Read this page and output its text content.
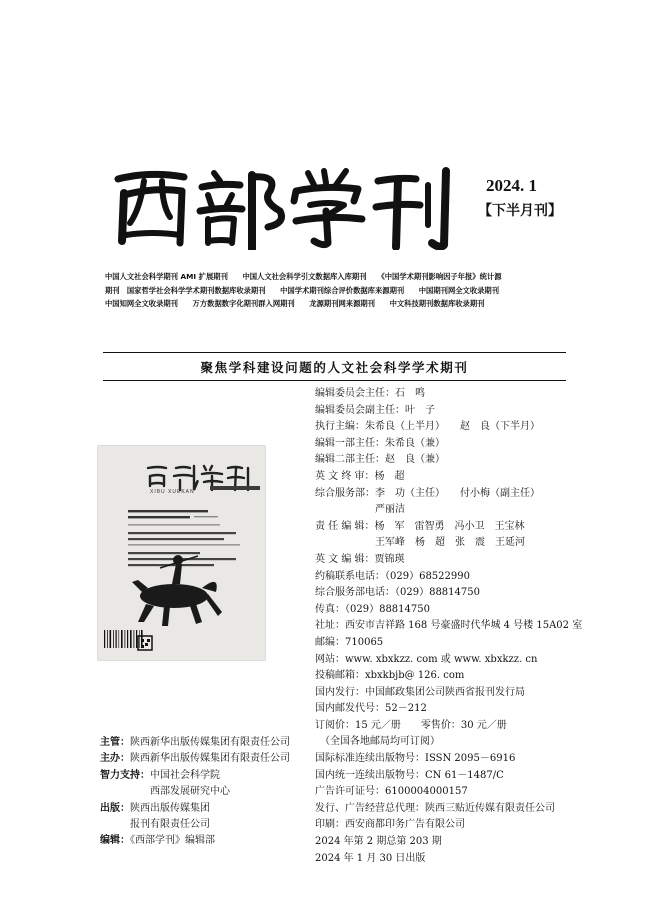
2024. 1
【下半月刊】
中国人文社会科学期刊 AMI 扩展期刊　　中国人文社会科学引文数据库入库期刊　　《中国学术期刊影响因子年报》统计源
期刊　国家哲学社会科学学术期刊数据库收录期刊　　中国学术期刊综合评价数据库来源期刊　　中国期刊网全文收录期刊
中国知网全文收录期刊　　万方数据数字化期刊群入网期刊　　龙源期刊网来源期刊　　中文科技期刊数据库收录期刊
聚焦学科建设问题的人文社会科学学术期刊
XIBU XUEKAN
编辑委员会主任：石　鸣
编辑委员会副主任：叶　子
执行主编：朱希良（上半月）　　赵　良（下半月）
编辑一部主任：朱希良（兼）
编辑二部主任：赵　良（兼）
英 文 终 审：杨　超
综合服务部：李　功（主任）　　付小梅（副主任）
　　　　　　严丽洁
责 任 编 辑：杨　军　雷智勇　冯小卫　王宝林
　　　　　　王军峰　杨　超　张　震　王延河
英 文 编 辑：贾锦瑛
约稿联系电话：（029）68522990
综合服务部电话：（029）88814750
传真：（029）88814750
社址：西安市吉祥路 168 号豪盛时代华城 4 号楼 15A02 室
邮编：710065
网站：www. xbxkzz. com 或 www. xbxkzz. cn
投稿邮箱：xbxkbjb@ 126. com
国内发行：中国邮政集团公司陕西省报刊发行局
国内邮发代号：52－212
订阅价：15 元／册　　零售价：30 元／册
　（全国各地邮局均可订阅）
国际标准连续出版物号：ISSN 2095－6916
国内统一连续出版物号：CN 61－1487/C
广告许可证号：6100004000157
发行、广告经营总代理：陕西三贴近传媒有限责任公司
印刷：西安商都印务广告有限公司
2024 年第 2 期总第 203 期
2024 年 1 月 30 日出版
主管：陕西新华出版传媒集团有限责任公司
主办：陕西新华出版传媒集团有限责任公司
智力支持：中国社会科学院
　　　　　西部发展研究中心
出版：陕西出版传媒集团
　　　报刊有限责任公司
编辑：《西部学刊》编辑部
